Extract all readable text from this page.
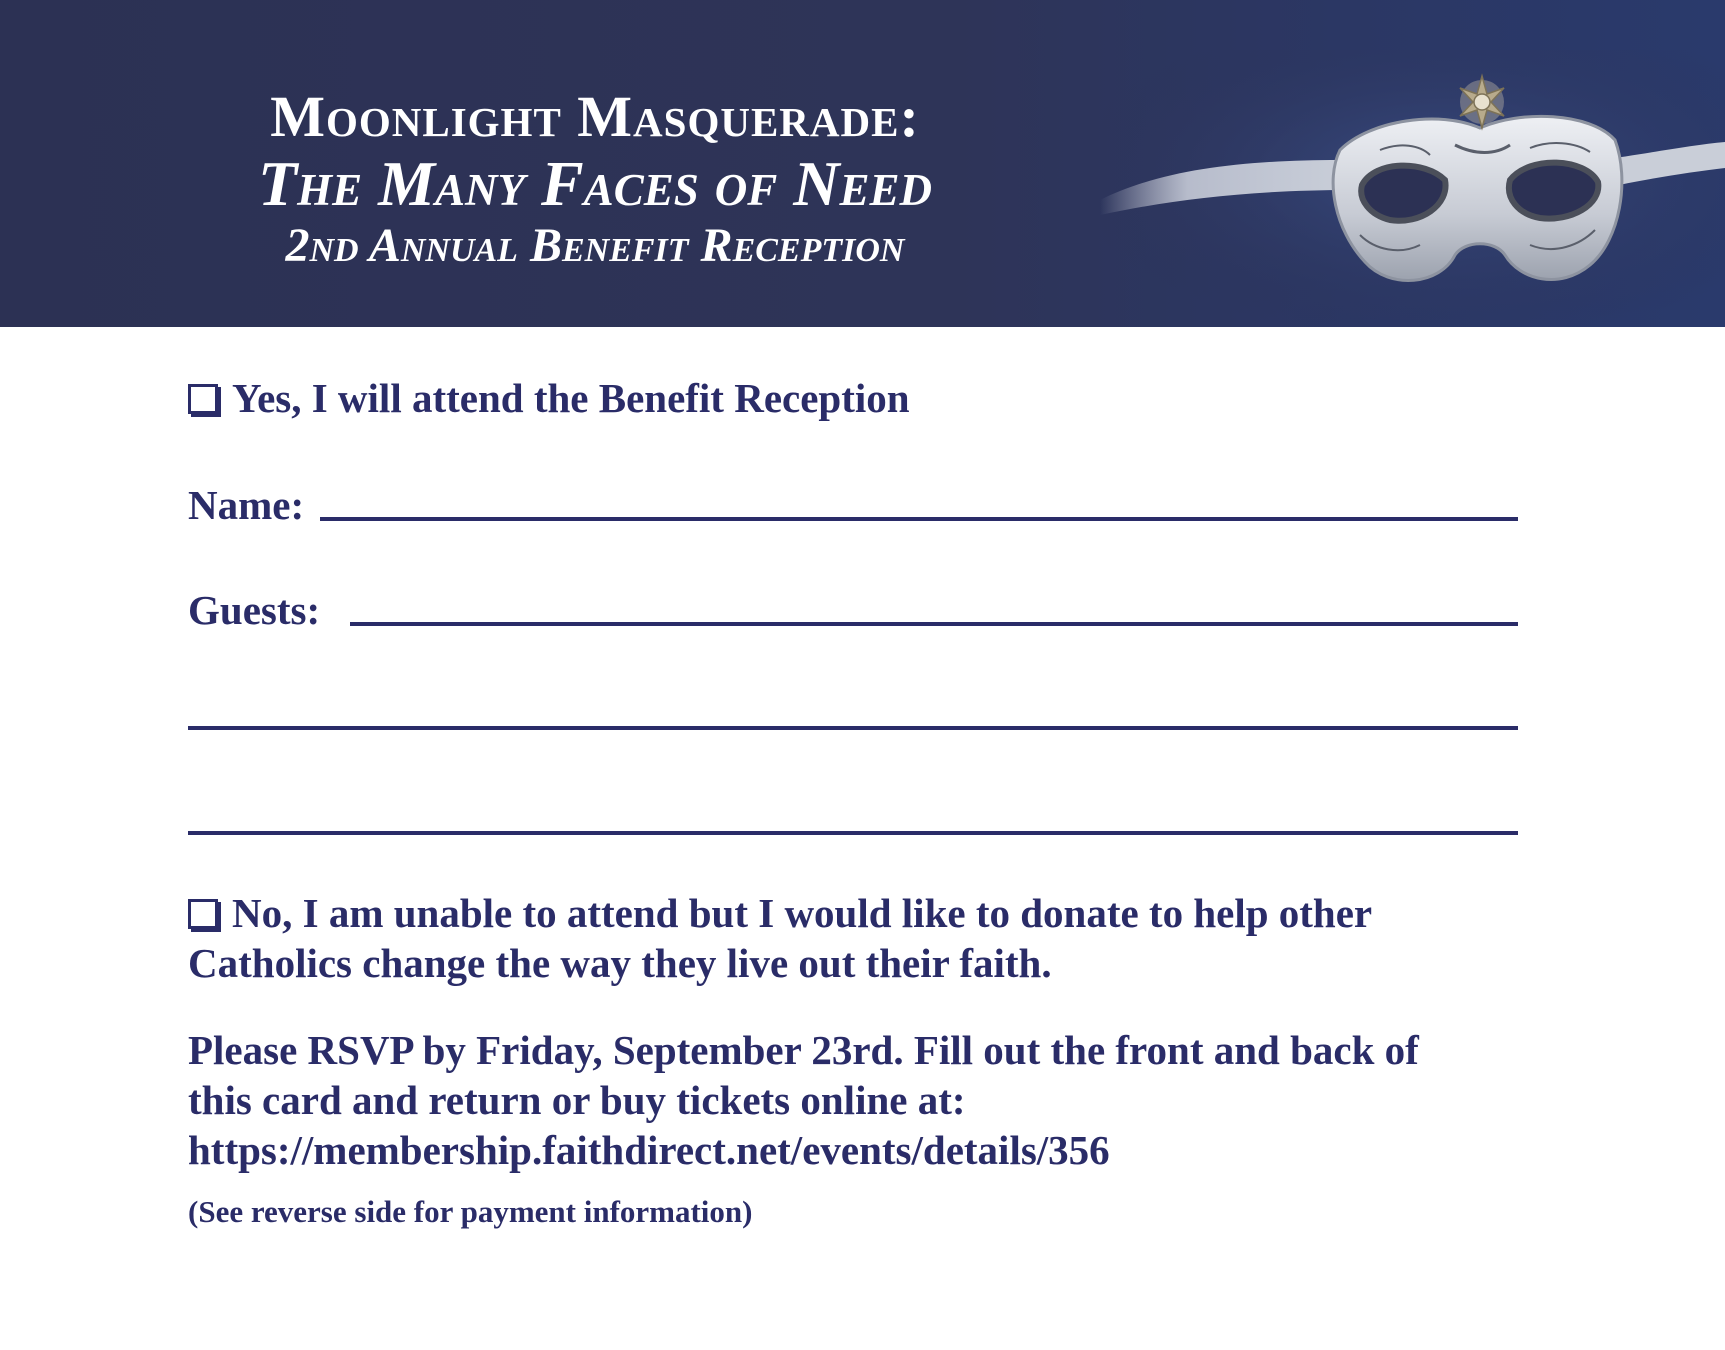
Moonlight Masquerade:
The Many Faces of Need
2nd Annual Benefit Reception
Yes, I will attend the Benefit Reception
Name:
Guests:
No, I am unable to attend but I would like to donate to help other
Catholics change the way they live out their faith.
Please RSVP by Friday, September 23rd. Fill out the front and back of
this card and return or buy tickets online at:
https://membership.faithdirect.net/events/details/356
(See reverse side for payment information)
